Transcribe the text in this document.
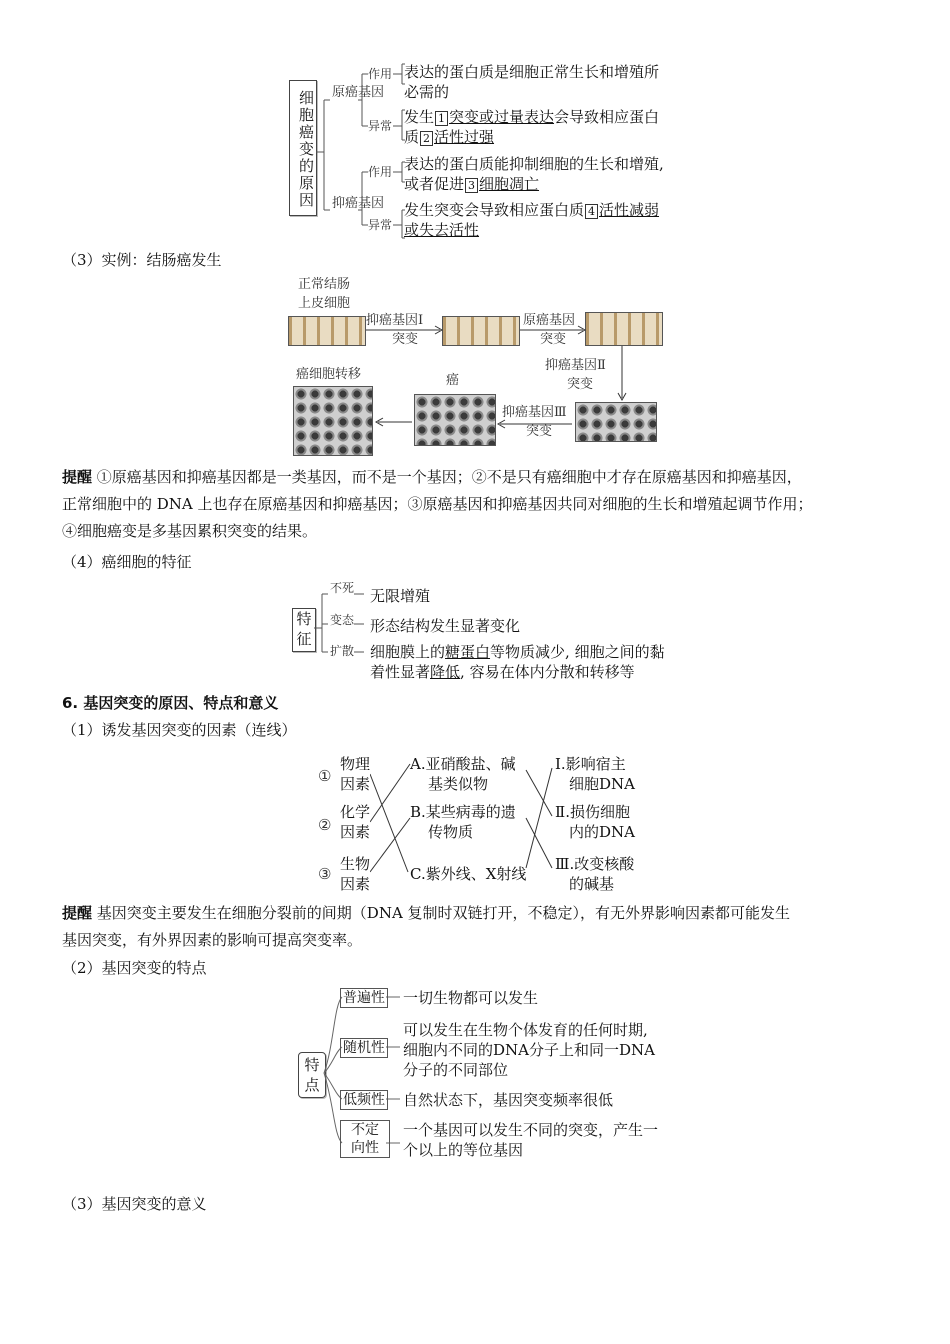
细胞癌变的原因 原癌基因
抑癌基因
作用
异常
作用
异常
表达的蛋白质是细胞正常生长和增殖所
必需的
发生 1 突变或过量表达会导致相应蛋白
质 2 活性过强
表达的蛋白质能抑制细胞的生长和增殖,
或者促进 3 细胞凋亡
发生突变会导致相应蛋白质 4 活性减弱
或失去活性
（3）实例：结肠癌发生
正常结肠
上皮细胞
抑癌基因Ⅰ
突变
原癌基因
突变
抑癌基因Ⅱ
突变
抑癌基因Ⅲ
突变
癌
癌细胞转移
提醒 ①原癌基因和抑癌基因都是一类基因，而不是一个基因；②不是只有癌细胞中才存在原癌基因和抑癌基因，
正常细胞中的 DNA 上也存在原癌基因和抑癌基因；③原癌基因和抑癌基因共同对细胞的生长和增殖起调节作用；
④细胞癌变是多基因累积突变的结果。
（4）癌细胞的特征
特征
不死
变态
扩散
无限增殖
形态结构发生显著变化
细胞膜上的糖蛋白等物质减少, 细胞之间的黏
着性显著降低, 容易在体内分散和转移等
6. 基因突变的原因、特点和意义
（1）诱发基因突变的因素（连线）
①
物理
因素
②
化学
因素
③
生物
因素
A.亚硝酸盐、碱
基类似物
B.某些病毒的遗
传物质
C.紫外线、X射线
Ⅰ.影响宿主
细胞DNA
Ⅱ.损伤细胞
内的DNA
Ⅲ.改变核酸
的碱基
提醒 基因突变主要发生在细胞分裂前的间期（DNA 复制时双链打开，不稳定），有无外界影响因素都可能发生
基因突变，有外界因素的影响可提高突变率。
（2）基因突变的特点
特点
普遍性
随机性
低频性
不定
向性
一切生物都可以发生
可以发生在生物个体发育的任何时期,
细胞内不同的DNA分子上和同一DNA
分子的不同部位
自然状态下，基因突变频率很低
一个基因可以发生不同的突变，产生一
个以上的等位基因
（3）基因突变的意义
